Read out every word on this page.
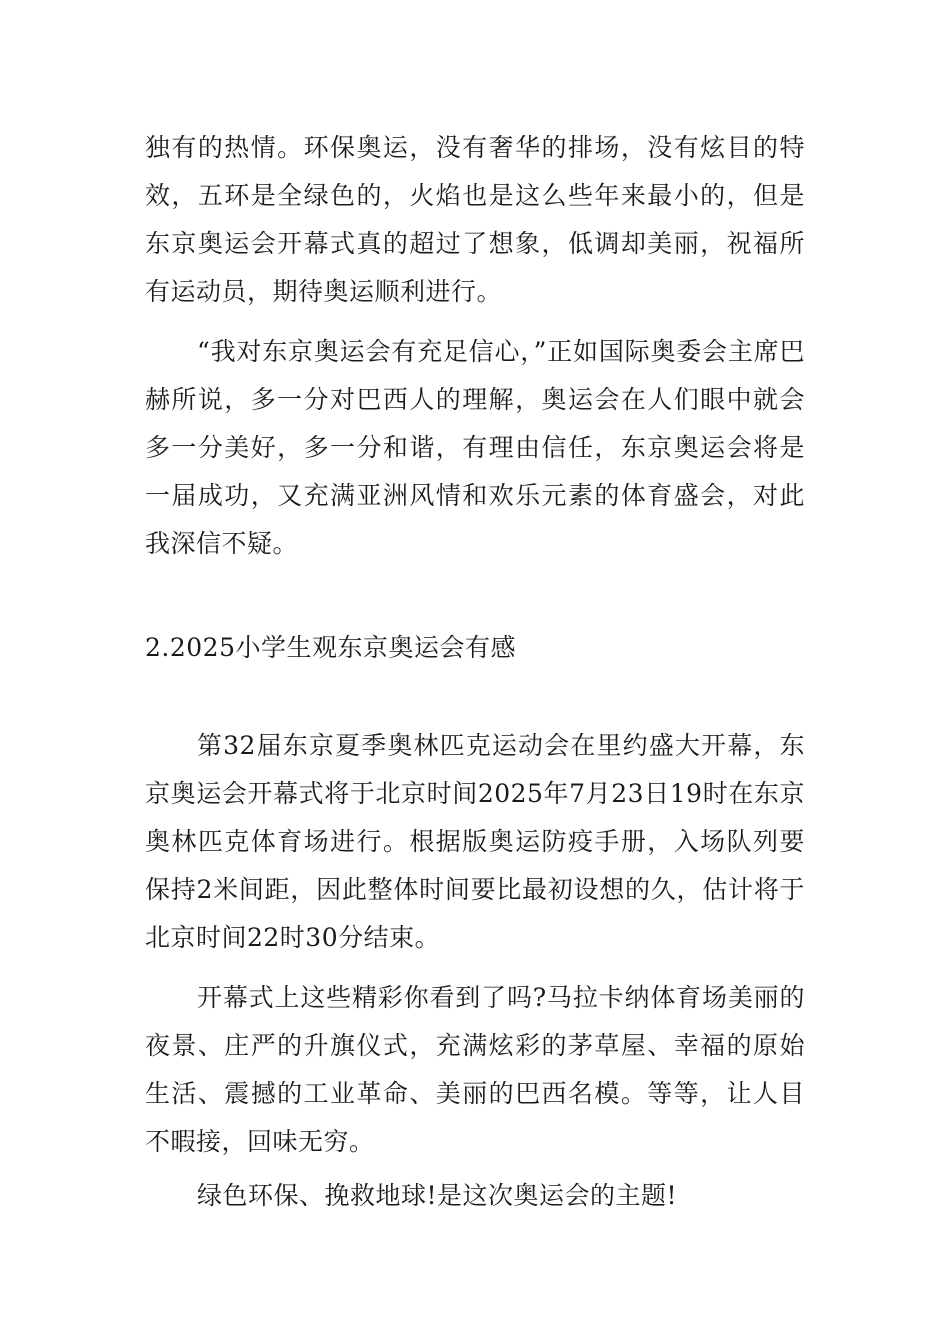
独有的热情。环保奥运，没有奢华的排场，没有炫目的特效，五环是全绿色的，火焰也是这么些年来最小的，但是东京奥运会开幕式真的超过了想象，低调却美丽，祝福所有运动员，期待奥运顺利进行。

“我对东京奥运会有充足信心，”正如国际奥委会主席巴 赫所说，多一分对巴西人的理解，奥运会在人们眼中就会多一分美好，多一分和谐，有理由信任，东京奥运会将是一届成功，又充满亚洲风情和欢乐元素的体育盛会，对此我深信不疑。

2.2025小学生观东京奥运会有感

第32届东京夏季奥林匹克运动会在里约盛大开幕，东京奥运会开幕式将于北京时间2025年7月23日19时在东京奥林匹克体育场进行。根据版奥运防疫手册，入场队列要保持2米间距，因此整体时间要比最初设想的久，估计将于北京时间22时30分结束。

开幕式上这些精彩你看到了吗?马拉卡纳体育场美丽的夜景、庄严的升旗仪式，充满炫彩的茅草屋、幸福的原始生活、震撼的工业革命、美丽的巴西名模。等等，让人目不暇接，回味无穷。

绿色环保、挽救地球!是这次奥运会的主题!
